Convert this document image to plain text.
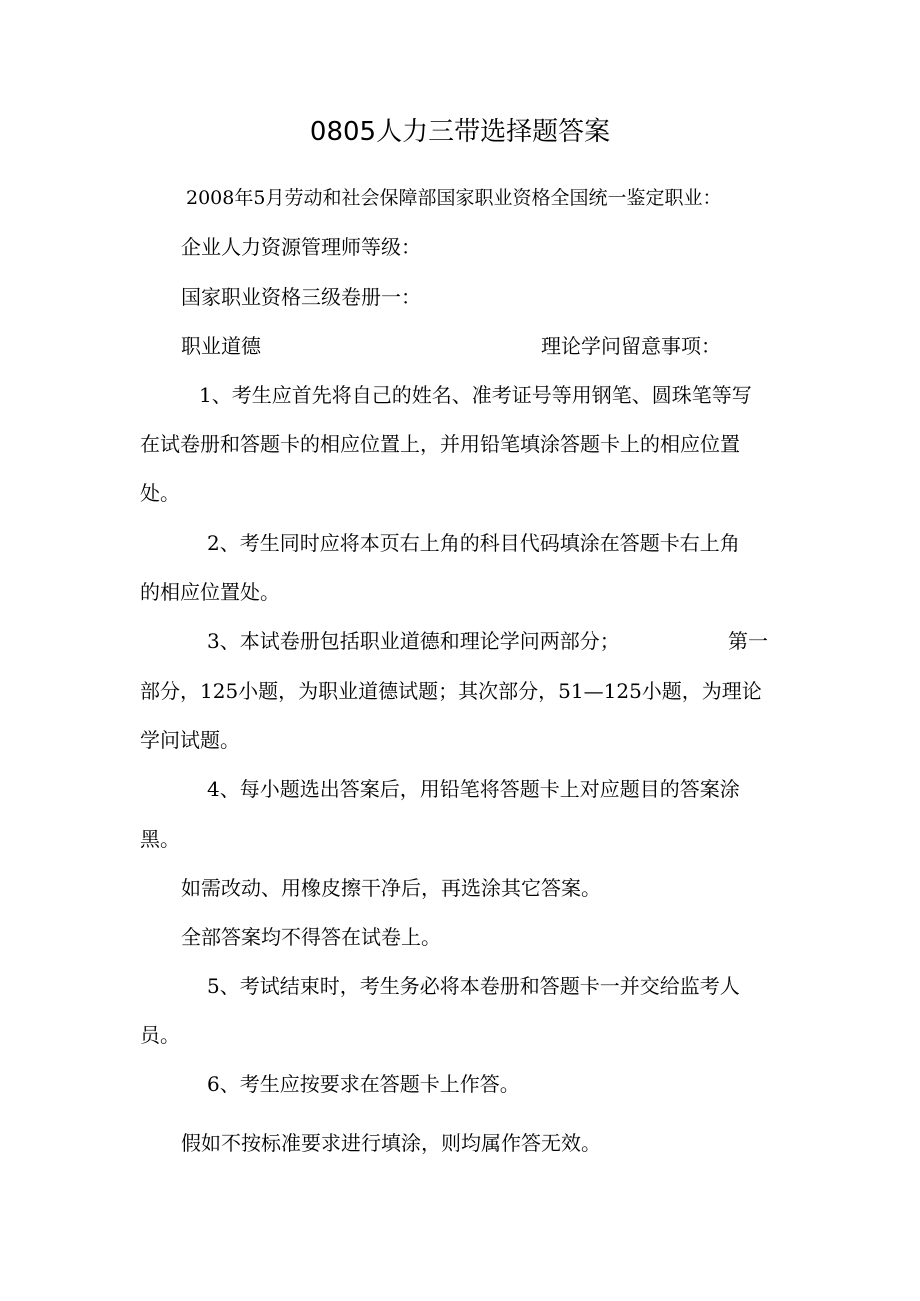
0805人力三带选择题答案
2008年5月劳动和社会保障部国家职业资格全国统一鉴定职业：
企业人力资源管理师等级：
国家职业资格三级卷册一：
职业道德	理论学问留意事项：
1、考生应首先将自己的姓名、准考证号等用钢笔、圆珠笔等写
在试卷册和答题卡的相应位置上，并用铅笔填涂答题卡上的相应位置
处。
2、考生同时应将本页右上角的科目代码填涂在答题卡右上角
的相应位置处。
3、本试卷册包括职业道德和理论学问两部分；	第一
部分，125小题，为职业道德试题；其次部分，51—125小题，为理论
学问试题。
4、每小题选出答案后，用铅笔将答题卡上对应题目的答案涂
黑。
如需改动、用橡皮擦干净后，再选涂其它答案。
全部答案均不得答在试卷上。
5、考试结束时，考生务必将本卷册和答题卡一并交给监考人
员。
6、考生应按要求在答题卡上作答。
假如不按标准要求进行填涂，则均属作答无效。
